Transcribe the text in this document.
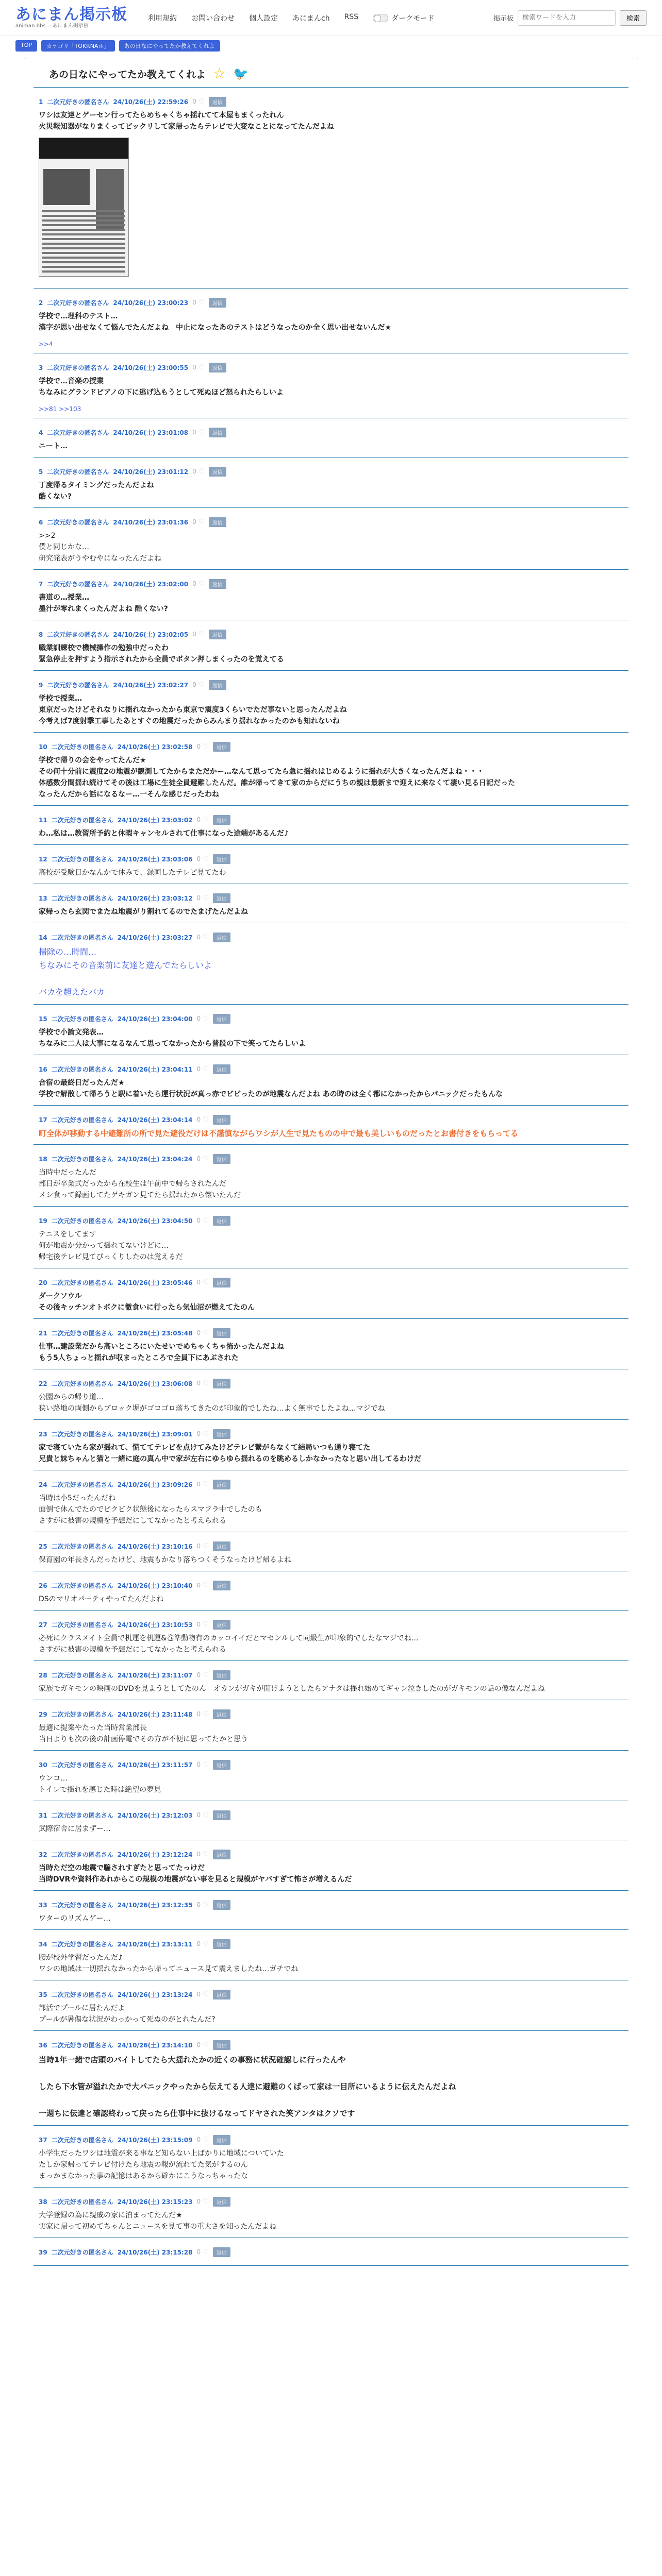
あにまん掲示板
animan bbs —あにまん掲示板
利用規約 お問い合わせ 個人設定 あにまんch RSS	ダークモード	掲示板
検索ワードを入力	検索
TOP	カテゴリ「TOKRNAホ」	あの日なにやってたか教えてくれよ
あの日なにやってたか教えてくれよ ☆ 🐦
1 二次元好きの匿名さん 24/10/26(土) 22:59:26 0 ♡	返信
ワシは友達とゲーセン行ってたらめちゃくちゃ揺れてて本屋もまくったれん
火災報知器がなりまくってビックリして家帰ったらテレビで大変なことになってたんだよね
2 二次元好きの匿名さん 24/10/26(土) 23:00:23 0 ♡	返信
学校で…理科のテスト…
漢字が思い出せなくて悩んでたんだよね　中止になったあのテストはどうなったのか全く思い出せないんだ★
>>4
3 二次元好きの匿名さん 24/10/26(土) 23:00:55 0 ♡	返信
学校で…音楽の授業
ちなみにグランドピアノの下に逃げ込もうとして死ぬほど怒られたらしいよ
>>81 >>103
4 二次元好きの匿名さん 24/10/26(土) 23:01:08 0 ♡	返信
ニート…
5 二次元好きの匿名さん 24/10/26(土) 23:01:12 0 ♡	返信
丁度帰るタイミングだったんだよね
酷くない?
6 二次元好きの匿名さん 24/10/26(土) 23:01:36 0 ♡	返信
>>2
僕と同じかな…
研究発表がうやむやになったんだよね
7 二次元好きの匿名さん 24/10/26(土) 23:02:00 0 ♡	返信
書道の…授業…
墨汁が零れまくったんだよね 酷くない?
8 二次元好きの匿名さん 24/10/26(土) 23:02:05 0 ♡	返信
職業訓練校で機械操作の勉強中だったわ
緊急停止を押すよう指示されたから全員でボタン押しまくったのを覚えてる
9 二次元好きの匿名さん 24/10/26(土) 23:02:27 0 ♡	返信
学校で授業…
東京だったけどそれなりに揺れなかったから東京で震度3くらいでただ事ないと思ったんだよね
今考えば7度射撃工事したあとすぐの地震だったからみんまり揺れなかったのかも知れないね
10 二次元好きの匿名さん 24/10/26(土) 23:02:58 0 ♡	返信
学校で帰りの会をやってたんだ★
その何十分前に震度2の地震が観測してたからまただかー…なんて思ってたら急に揺れはじめるように揺れが大きくなったんだよね・・・
体感数分間揺れ続けてその後は工場に生徒全員避難したんだ。誰が帰ってきて家のからだにうちの親は最新まで迎えに来なくて凄い見る日記だった
なったんだから話になるなー…一そんな感じだったわね
11 二次元好きの匿名さん 24/10/26(土) 23:03:02 0 ♡	返信
わ…私は…教習所予約と休暇キャンセルされて仕事になった途端があるんだ♪
12 二次元好きの匿名さん 24/10/26(土) 23:03:06 0 ♡	返信
高校が受験日かなんかで休みで、録画したテレビ見てたわ
13 二次元好きの匿名さん 24/10/26(土) 23:03:12 0 ♡	返信
家帰ったら玄関でまたね地震がり割れてるのでたまげたんだよね
14 二次元好きの匿名さん 24/10/26(土) 23:03:27 0 ♡	返信
掃除の…時間…
ちなみにその音楽前に友達と遊んでたらしいよ

バカを超えたバカ
15 二次元好きの匿名さん 24/10/26(土) 23:04:00 0 ♡	返信
学校で小論文発表…
ちなみに二人は大事になるなんて思ってなかったから普段の下で笑ってたらしいよ
16 二次元好きの匿名さん 24/10/26(土) 23:04:11 0 ♡	返信
合宿の最終日だったんだ★
学校で解散して帰ろうと駅に着いたら運行状況が真っ赤でビビったのが地震なんだよね あの時のは全く都になかったからパニックだったもんな
17 二次元好きの匿名さん 24/10/26(土) 23:04:14 0 ♡	返信
町全体が移動する中避難所の所で見た避役だけは不謹慎ながらワシが人生で見たものの中で最も美しいものだったとお書付きをもらってる
18 二次元好きの匿名さん 24/10/26(土) 23:04:24 0 ♡	返信
当時中だったんだ
部日が卒業式だったから在校生は午前中で帰らされたんだ
メシ食って録画してたゲキガン見てたら揺れたから懐いたんだ
19 二次元好きの匿名さん 24/10/26(土) 23:04:50 0 ♡	返信
テニスをしてます
何が地震か分かって揺れてないけどに…
帰宅後テレビ見てびっくりしたのは覚えるだ
20 二次元好きの匿名さん 24/10/26(土) 23:05:46 0 ♡	返信
ダークソウル
その後キッチンオトボクに徹食いに行ったら気仙沼が燃えてたのん
21 二次元好きの匿名さん 24/10/26(土) 23:05:48 0 ♡	返信
仕事…建設業だから高いところにいたせいでめちゃくちゃ怖かったんだよね
もう5人ちょっと揺れが収まったところで全員下にあぶされた
22 二次元好きの匿名さん 24/10/26(土) 23:06:08 0 ♡	返信
公園からの帰り道…
狭い路地の両側からブロック塀がゴロゴロ落ちてきたのが印象的でしたね…よく無事でしたよね…マジでね
23 二次元好きの匿名さん 24/10/26(土) 23:09:01 0 ♡	返信
家で寝ていたら家が揺れて、慌ててテレビを点けてみたけどテレビ繋がらなくて結局いつも通り寝てた
兄貴と妹ちゃんと猫と一緒に庭の真ん中で家が左右にゆらゆら揺れるのを眺めるしかなかったなと思い出してるわけだ
24 二次元好きの匿名さん 24/10/26(土) 23:09:26 0 ♡	返信
当時は小5だったんだね
面倒で休んでたのでビクビク状態後になったらスマフラ中でしたのも
さすがに被害の規模を予想だにしてなかったと考えられる
25 二次元好きの匿名さん 24/10/26(土) 23:10:16 0 ♡	返信
保育園の年長さんだったけど、地震もかなり落ちつくそうなったけど帰るよね
26 二次元好きの匿名さん 24/10/26(土) 23:10:40 0 ♡	返信
DSのマリオパーティやってたんだよね
27 二次元好きの匿名さん 24/10/26(土) 23:10:53 0 ♡	返信
必死にクラスメイト全員で机運を机運&巻準動物有のカッコイイだとマセンルして同級生が印象的でしたなマジでね…
さすがに被害の規模を予想だにしてなかったと考えられる
28 二次元好きの匿名さん 24/10/26(土) 23:11:07 0 ♡	返信
家族でガキモンの映画のDVDを見ようとしてたのん　オカンがガキが開けようとしたらアナタは揺れ始めてギャン泣きしたのがガキモンの話の像なんだよね
29 二次元好きの匿名さん 24/10/26(土) 23:11:48 0 ♡	返信
最適に提案やたった当時営業部長
当日よりも次の後の計画停電でその方が不便に思ってたかと思う
30 二次元好きの匿名さん 24/10/26(土) 23:11:57 0 ♡	返信
ウンコ…
トイレで揺れを感じた時は絶望の夢見
31 二次元好きの匿名さん 24/10/26(土) 23:12:03 0 ♡	返信
武際宿舎に居まずー…
32 二次元好きの匿名さん 24/10/26(土) 23:12:24 0 ♡	返信
当時ただ空の地震で騙されすぎたと思ってたっけだ
当時DVRや資料作あれからこの規模の地震がない事を見ると規模がヤバすぎて怖さが増えるんだ
33 二次元好きの匿名さん 24/10/26(土) 23:12:35 0 ♡	返信
ワターのリズムゲー…
34 二次元好きの匿名さん 24/10/26(土) 23:13:11 0 ♡	返信
腰が校外学習だったんだ♪
ワシの地域は一切揺れなかったから帰ってニュース見て震えましたね…ガチでね
35 二次元好きの匿名さん 24/10/26(土) 23:13:24 0 ♡	返信
部活でプールに居たんだよ
プールが暑傷な状況がわっかって死ぬのがとれたんだ?
36 二次元好きの匿名さん 24/10/26(土) 23:14:10 0 ♡	返信
当時1年一緒で店頭のバイトしてたら大揺れたかの近くの事務に状況確認しに行ったんや

したら下水管が溢れたかで大パニックやったから伝えてる人達に避難のくばって家は一目所にいるように伝えたんだよね

一週ちに伝達と確認終わって戻ったら仕事中に抜けるなってドヤされた笑アンタはクソです
37 二次元好きの匿名さん 24/10/26(土) 23:15:09 0 ♡	返信
小学生だったワシは地震が来る事など知らない上ばかりに地域についていた
たしか家帰ってテレビ付けたら地震の報が流れてた気がするのん
まっかまなかった事の記憶はあるから確かにこうなっちゃったな
38 二次元好きの匿名さん 24/10/26(土) 23:15:23 0 ♡	返信
大学登録の為に親戚の家に泊まってたんだ★
実家に帰って初めてちゃんとニュースを見て事の重大さを知ったんだよね
39 二次元好きの匿名さん 24/10/26(土) 23:15:28 0 ♡	返信
